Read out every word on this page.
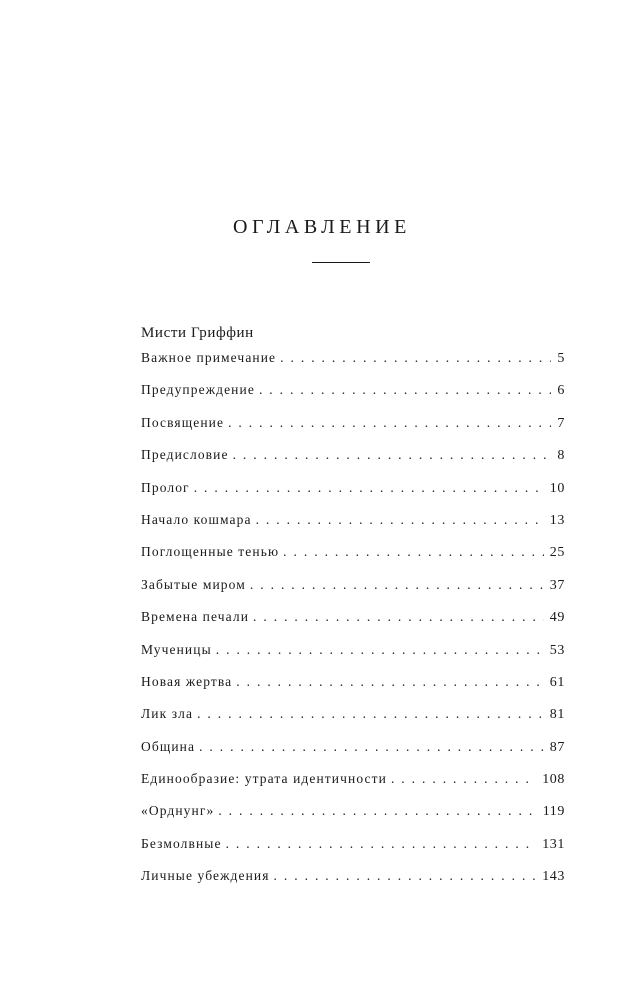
ОГЛАВЛЕНИЕ
Мисти Гриффин
Важное примечание . . .	5
Предупреждение . . .	6
Посвящение . . .	7
Предисловие . . .	8
Пролог . . .	10
Начало кошмара . . .	13
Поглощенные тенью . . .	25
Забытые миром . . .	37
Времена печали . . .	49
Мученицы . . .	53
Новая жертва . . .	61
Лик зла . . .	81
Община . . .	87
Единообразие: утрата идентичности . . .	108
«Орднунг» . . .	119
Безмолвные . . .	131
Личные убеждения . . .	143
